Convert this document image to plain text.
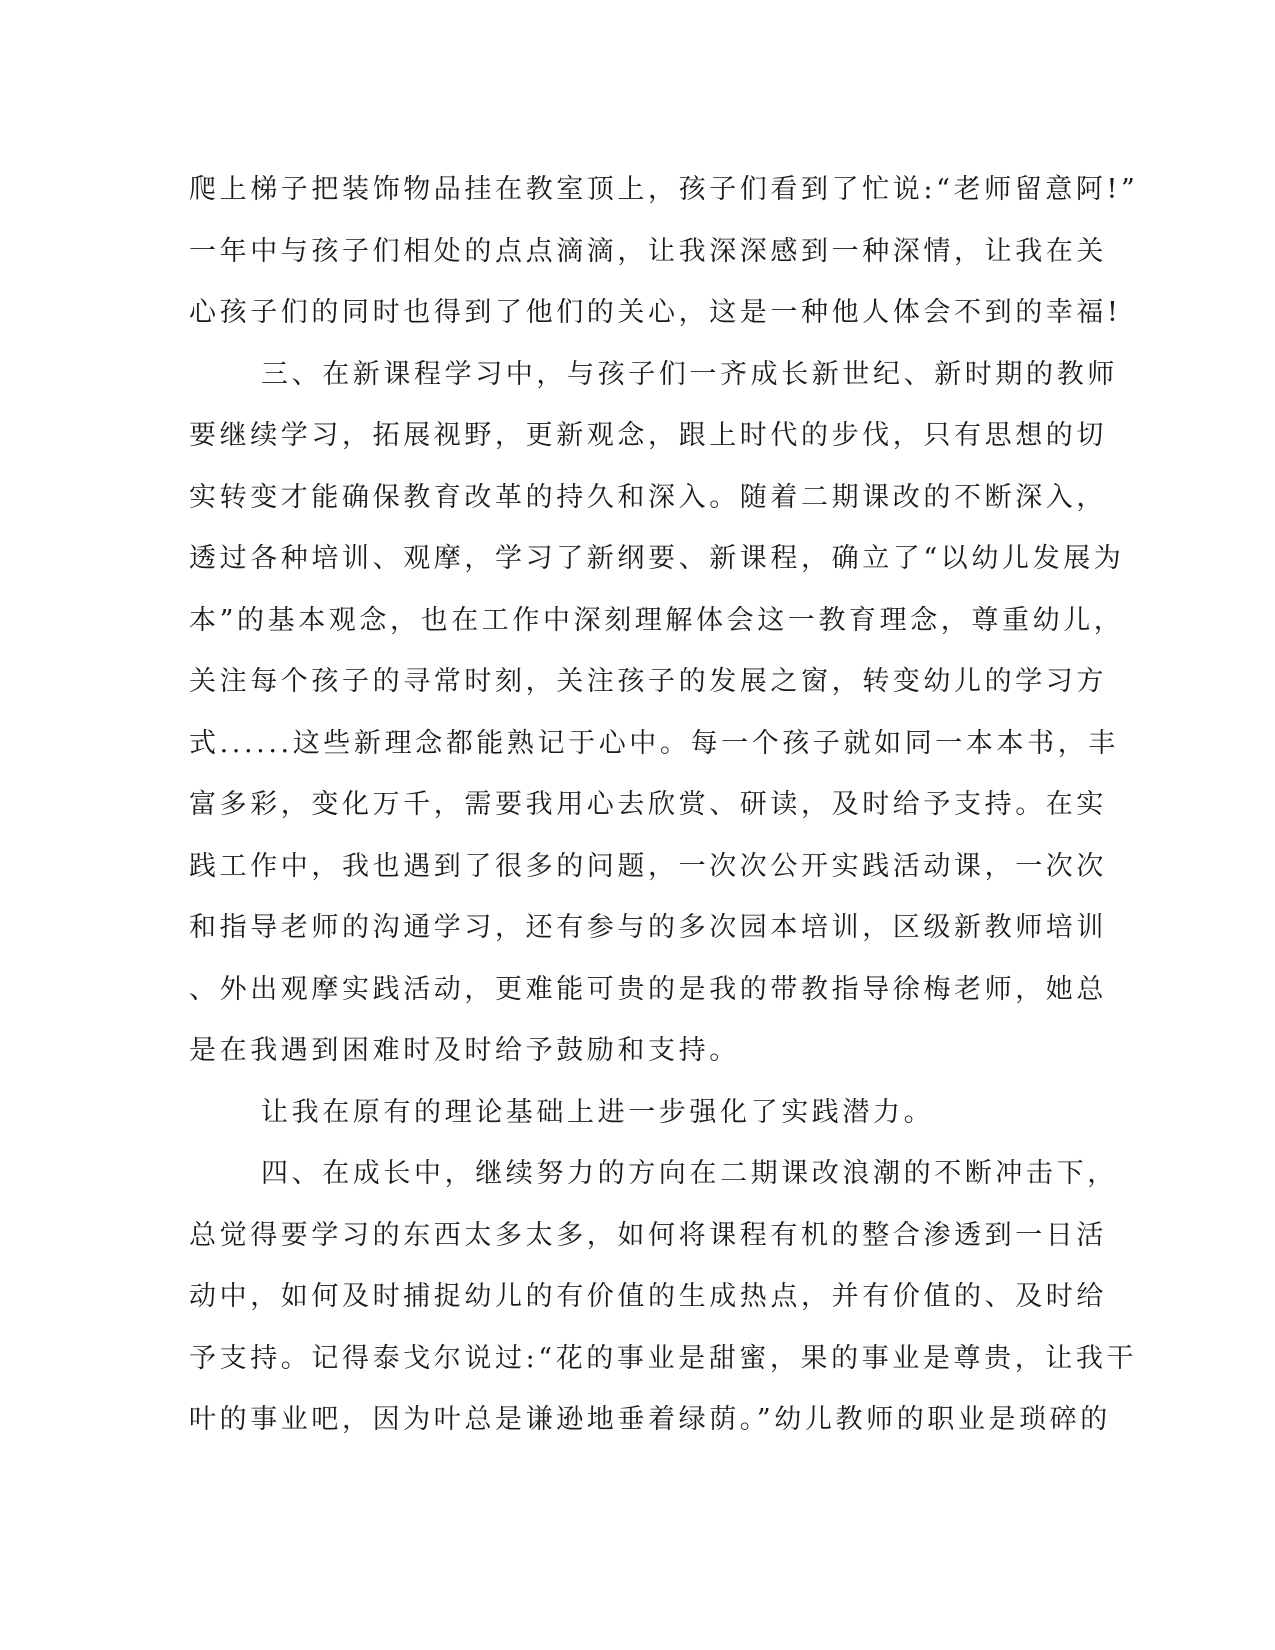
爬上梯子把装饰物品挂在教室顶上，孩子们看到了忙说:“老师留意阿!”
一年中与孩子们相处的点点滴滴，让我深深感到一种深情，让我在关
心孩子们的同时也得到了他们的关心，这是一种他人体会不到的幸福!
三、在新课程学习中，与孩子们一齐成长新世纪、新时期的教师
要继续学习，拓展视野，更新观念，跟上时代的步伐，只有思想的切
实转变才能确保教育改革的持久和深入。随着二期课改的不断深入，
透过各种培训、观摩，学习了新纲要、新课程，确立了“以幼儿发展为
本”的基本观念，也在工作中深刻理解体会这一教育理念，尊重幼儿，
关注每个孩子的寻常时刻，关注孩子的发展之窗，转变幼儿的学习方
式......这些新理念都能熟记于心中。每一个孩子就如同一本本书，丰
富多彩，变化万千，需要我用心去欣赏、研读，及时给予支持。在实
践工作中，我也遇到了很多的问题，一次次公开实践活动课，一次次
和指导老师的沟通学习，还有参与的多次园本培训，区级新教师培训
、外出观摩实践活动，更难能可贵的是我的带教指导徐梅老师，她总
是在我遇到困难时及时给予鼓励和支持。
让我在原有的理论基础上进一步强化了实践潜力。
四、在成长中，继续努力的方向在二期课改浪潮的不断冲击下，
总觉得要学习的东西太多太多，如何将课程有机的整合渗透到一日活
动中，如何及时捕捉幼儿的有价值的生成热点，并有价值的、及时给
予支持。记得泰戈尔说过:“花的事业是甜蜜，果的事业是尊贵，让我干
叶的事业吧，因为叶总是谦逊地垂着绿荫。”幼儿教师的职业是琐碎的
